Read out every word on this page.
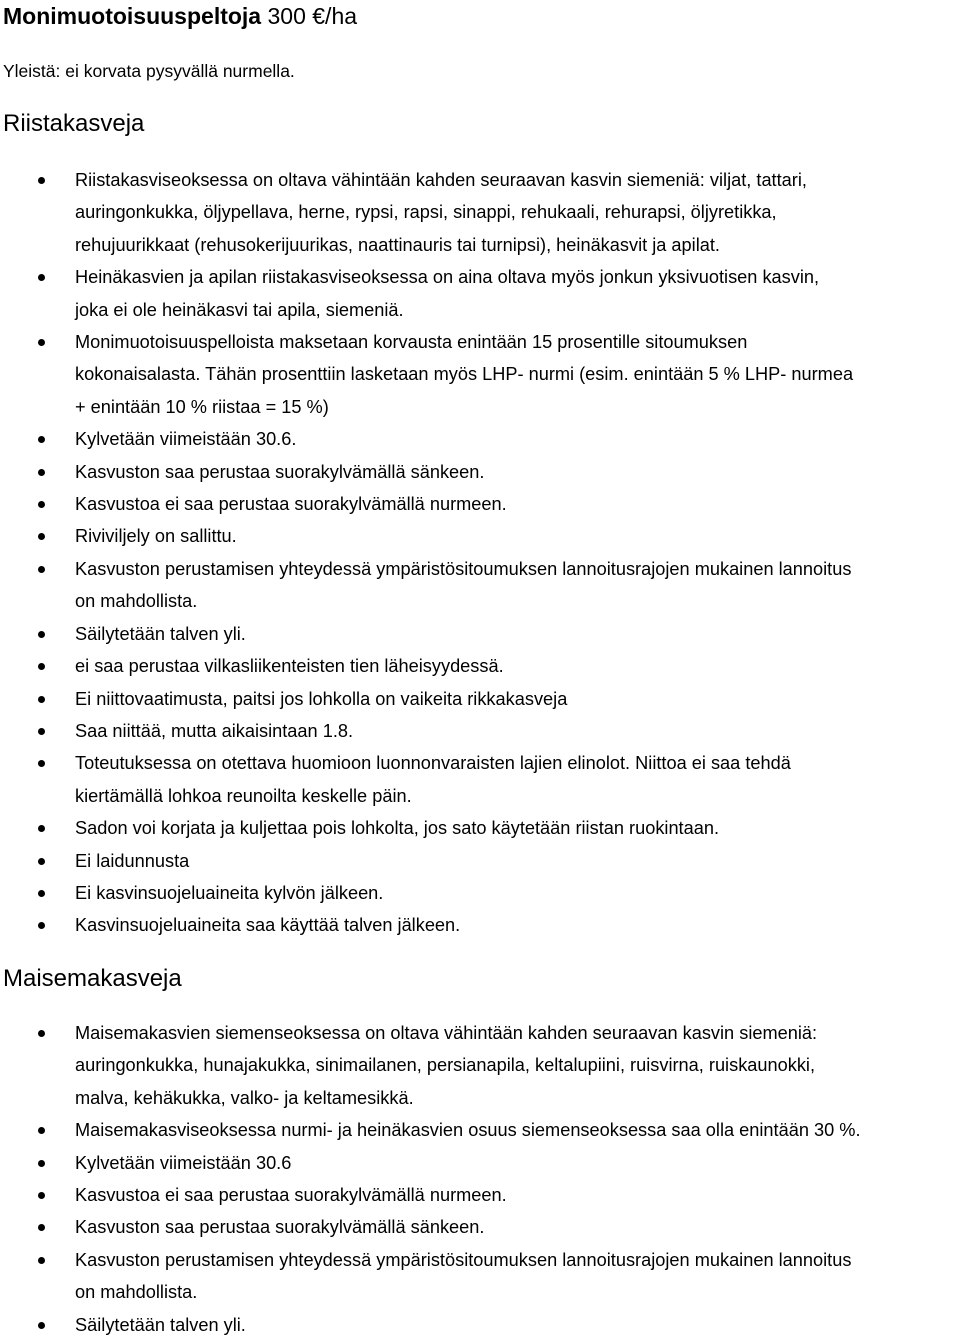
Monimuotoisuuspeltoja 300 €/ha
Yleistä: ei korvata pysyvällä nurmella.
Riistakasveja
Riistakasviseoksessa on oltava vähintään kahden seuraavan kasvin siemeniä: viljat, tattari,
auringonkukka, öljypellava, herne, rypsi, rapsi, sinappi, rehukaali, rehurapsi, öljyretikka,
rehujuurikkaat (rehusokerijuurikas, naattinauris tai turnipsi), heinäkasvit ja apilat.
Heinäkasvien ja apilan riistakasviseoksessa on aina oltava myös jonkun yksivuotisen kasvin,
joka ei ole heinäkasvi tai apila, siemeniä.
Monimuotoisuuspelloista maksetaan korvausta enintään 15 prosentille sitoumuksen
kokonaisalasta. Tähän prosenttiin lasketaan myös LHP- nurmi (esim. enintään 5 % LHP- nurmea
+ enintään 10 % riistaa = 15 %)
Kylvetään viimeistään 30.6.
Kasvuston saa perustaa suorakylvämällä sänkeen.
Kasvustoa ei saa perustaa suorakylvämällä nurmeen.
Riviviljely on sallittu.
Kasvuston perustamisen yhteydessä ympäristösitoumuksen lannoitusrajojen mukainen lannoitus
on mahdollista.
Säilytetään talven yli.
ei saa perustaa vilkasliikenteisten tien läheisyydessä.
Ei niittovaatimusta, paitsi jos lohkolla on vaikeita rikkakasveja
Saa niittää, mutta aikaisintaan 1.8.
Toteutuksessa on otettava huomioon luonnonvaraisten lajien elinolot. Niittoa ei saa tehdä
kiertämällä lohkoa reunoilta keskelle päin.
Sadon voi korjata ja kuljettaa pois lohkolta, jos sato käytetään riistan ruokintaan.
Ei laidunnusta
Ei kasvinsuojeluaineita kylvön jälkeen.
Kasvinsuojeluaineita saa käyttää talven jälkeen.
Maisemakasveja
Maisemakasvien siemenseoksessa on oltava vähintään kahden seuraavan kasvin siemeniä:
auringonkukka, hunajakukka, sinimailanen, persianapila, keltalupiini, ruisvirna, ruiskaunokki,
malva, kehäkukka, valko- ja keltamesikkä.
Maisemakasviseoksessa nurmi- ja heinäkasvien osuus siemenseoksessa saa olla enintään 30 %.
Kylvetään viimeistään 30.6
Kasvustoa ei saa perustaa suorakylvämällä nurmeen.
Kasvuston saa perustaa suorakylvämällä sänkeen.
Kasvuston perustamisen yhteydessä ympäristösitoumuksen lannoitusrajojen mukainen lannoitus
on mahdollista.
Säilytetään talven yli.
